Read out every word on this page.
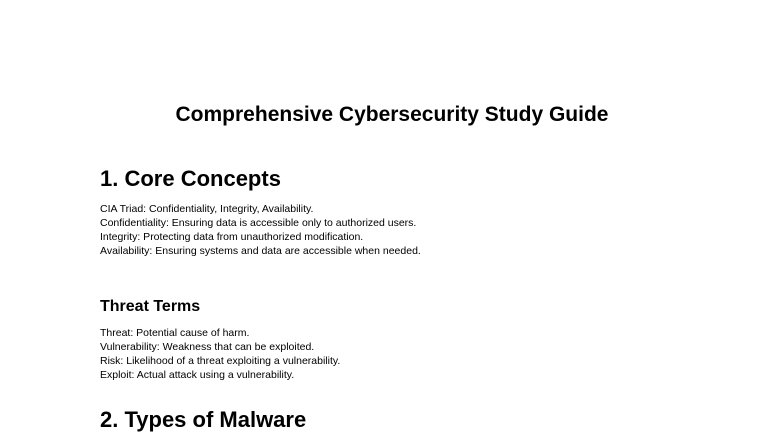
Comprehensive Cybersecurity Study Guide
1. Core Concepts
CIA Triad: Confidentiality, Integrity, Availability.
Confidentiality: Ensuring data is accessible only to authorized users.
Integrity: Protecting data from unauthorized modification.
Availability: Ensuring systems and data are accessible when needed.
Threat Terms
Threat: Potential cause of harm.
Vulnerability: Weakness that can be exploited.
Risk: Likelihood of a threat exploiting a vulnerability.
Exploit: Actual attack using a vulnerability.
2. Types of Malware
